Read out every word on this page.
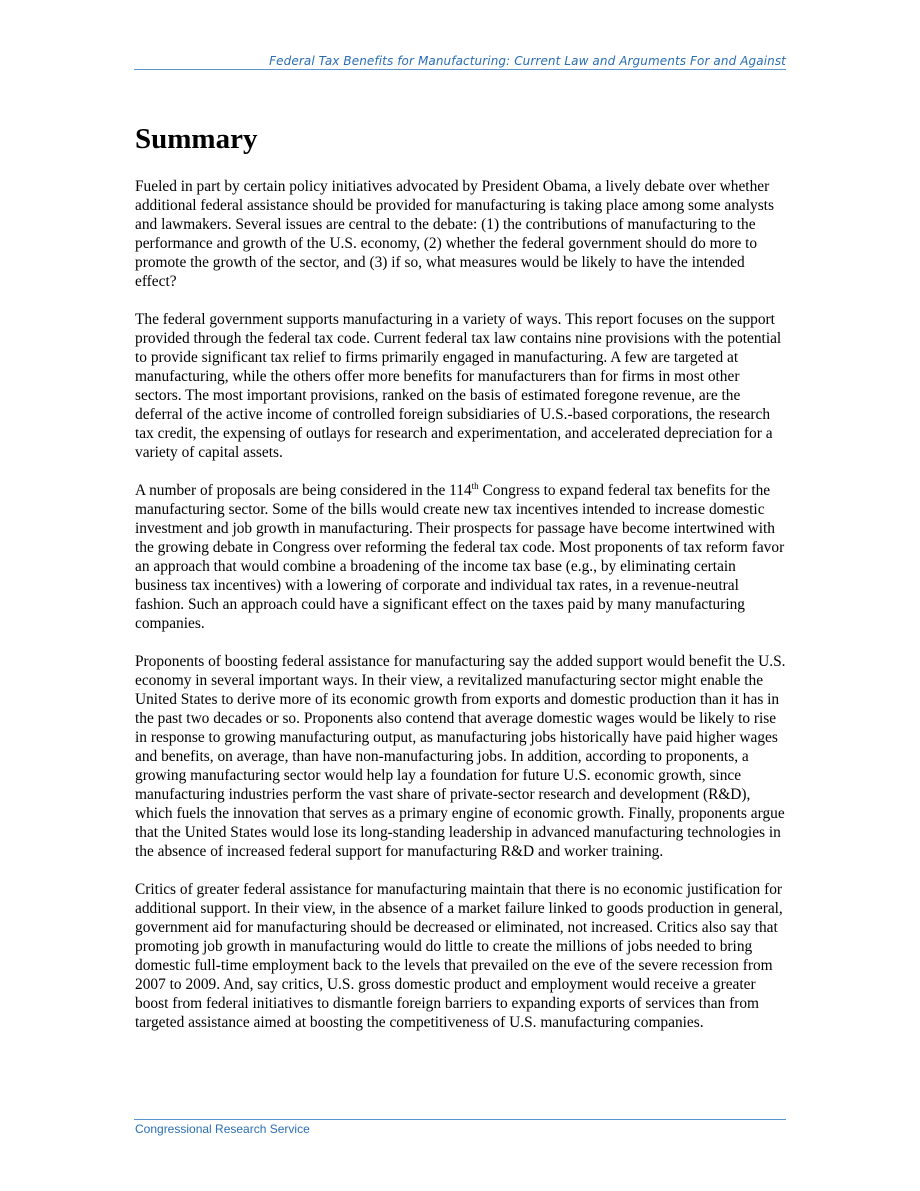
Federal Tax Benefits for Manufacturing: Current Law and Arguments For and Against
Summary

Fueled in part by certain policy initiatives advocated by President Obama, a lively debate over whether additional federal assistance should be provided for manufacturing is taking place among some analysts and lawmakers. Several issues are central to the debate: (1) the contributions of manufacturing to the performance and growth of the U.S. economy, (2) whether the federal government should do more to promote the growth of the sector, and (3) if so, what measures would be likely to have the intended effect?

The federal government supports manufacturing in a variety of ways. This report focuses on the support provided through the federal tax code. Current federal tax law contains nine provisions with the potential to provide significant tax relief to firms primarily engaged in manufacturing. A few are targeted at manufacturing, while the others offer more benefits for manufacturers than for firms in most other sectors. The most important provisions, ranked on the basis of estimated foregone revenue, are the deferral of the active income of controlled foreign subsidiaries of U.S.-based corporations, the research tax credit, the expensing of outlays for research and experimentation, and accelerated depreciation for a variety of capital assets.

A number of proposals are being considered in the 114th Congress to expand federal tax benefits for the manufacturing sector. Some of the bills would create new tax incentives intended to increase domestic investment and job growth in manufacturing. Their prospects for passage have become intertwined with the growing debate in Congress over reforming the federal tax code. Most proponents of tax reform favor an approach that would combine a broadening of the income tax base (e.g., by eliminating certain business tax incentives) with a lowering of corporate and individual tax rates, in a revenue-neutral fashion. Such an approach could have a significant effect on the taxes paid by many manufacturing companies.

Proponents of boosting federal assistance for manufacturing say the added support would benefit the U.S. economy in several important ways. In their view, a revitalized manufacturing sector might enable the United States to derive more of its economic growth from exports and domestic production than it has in the past two decades or so. Proponents also contend that average domestic wages would be likely to rise in response to growing manufacturing output, as manufacturing jobs historically have paid higher wages and benefits, on average, than have non-manufacturing jobs. In addition, according to proponents, a growing manufacturing sector would help lay a foundation for future U.S. economic growth, since manufacturing industries perform the vast share of private-sector research and development (R&D), which fuels the innovation that serves as a primary engine of economic growth. Finally, proponents argue that the United States would lose its long-standing leadership in advanced manufacturing technologies in the absence of increased federal support for manufacturing R&D and worker training.

Critics of greater federal assistance for manufacturing maintain that there is no economic justification for additional support. In their view, in the absence of a market failure linked to goods production in general, government aid for manufacturing should be decreased or eliminated, not increased. Critics also say that promoting job growth in manufacturing would do little to create the millions of jobs needed to bring domestic full-time employment back to the levels that prevailed on the eve of the severe recession from 2007 to 2009. And, say critics, U.S. gross domestic product and employment would receive a greater boost from federal initiatives to dismantle foreign barriers to expanding exports of services than from targeted assistance aimed at boosting the competitiveness of U.S. manufacturing companies.

Congressional Research Service
